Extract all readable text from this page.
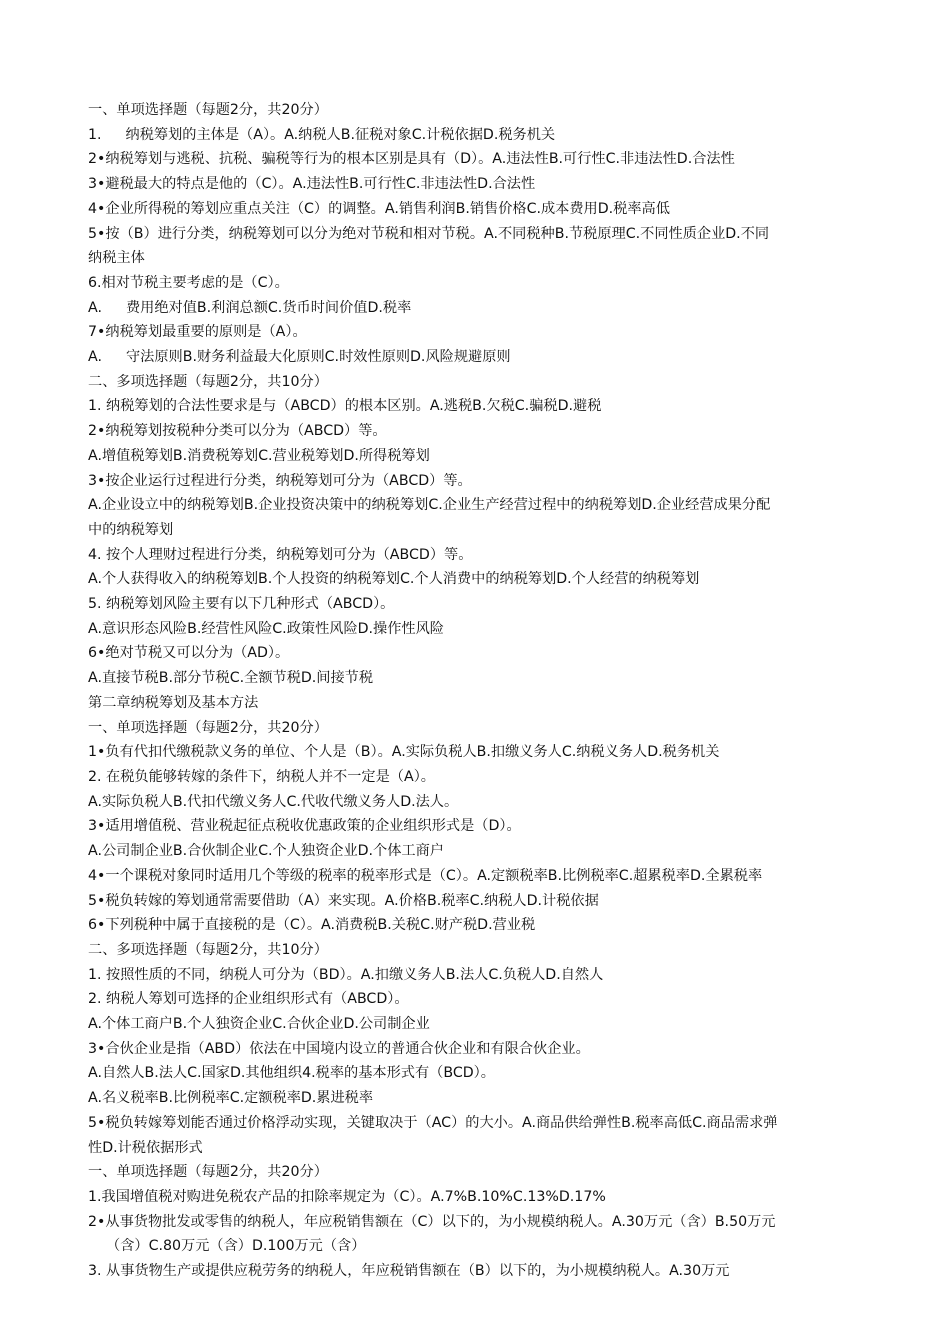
一、单项选择题（每题2分，共20分）

1. 纳税筹划的主体是（A）。A.纳税人B.征税对象C.计税依据D.税务机关

2•纳税筹划与逃税、抗税、骗税等行为的根本区别是具有（D）。A.违法性B.可行性C.非违法性D.合法性

3•避税最大的特点是他的（C）。A.违法性B.可行性C.非违法性D.合法性

4•企业所得税的筹划应重点关注（C）的调整。A.销售利润B.销售价格C.成本费用D.税率高低

5•按（B）进行分类，纳税筹划可以分为绝对节税和相对节税。A.不同税种B.节税原理C.不同性质企业D.不同

纳税主体

6.相对节税主要考虑的是（C）。

A. 费用绝对值B.利润总额C.货币时间价值D.税率

7•纳税筹划最重要的原则是（A）。

A. 守法原则B.财务利益最大化原则C.时效性原则D.风险规避原则

二、多项选择题（每题2分，共10分）

1. 纳税筹划的合法性要求是与（ABCD）的根本区别。A.逃税B.欠税C.骗税D.避税

2•纳税筹划按税种分类可以分为（ABCD）等。

A.增值税筹划B.消费税筹划C.营业税筹划D.所得税筹划

3•按企业运行过程进行分类，纳税筹划可分为（ABCD）等。

A.企业设立中的纳税筹划B.企业投资决策中的纳税筹划C.企业生产经营过程中的纳税筹划D.企业经营成果分配

中的纳税筹划

4. 按个人理财过程进行分类，纳税筹划可分为（ABCD）等。

A.个人获得收入的纳税筹划B.个人投资的纳税筹划C.个人消费中的纳税筹划D.个人经营的纳税筹划

5. 纳税筹划风险主要有以下几种形式（ABCD）。

A.意识形态风险B.经营性风险C.政策性风险D.操作性风险

6•绝对节税又可以分为（AD）。

A.直接节税B.部分节税C.全额节税D.间接节税

第二章纳税筹划及基本方法

一、单项选择题（每题2分，共20分）

1•负有代扣代缴税款义务的单位、个人是（B）。A.实际负税人B.扣缴义务人C.纳税义务人D.税务机关

2. 在税负能够转嫁的条件下，纳税人并不一定是（A）。

A.实际负税人B.代扣代缴义务人C.代收代缴义务人D.法人。

3•适用增值税、营业税起征点税收优惠政策的企业组织形式是（D）。

A.公司制企业B.合伙制企业C.个人独资企业D.个体工商户

4•一个课税对象同时适用几个等级的税率的税率形式是（C）。A.定额税率B.比例税率C.超累税率D.全累税率

5•税负转嫁的筹划通常需要借助（A）来实现。A.价格B.税率C.纳税人D.计税依据

6•下列税种中属于直接税的是（C）。A.消费税B.关税C.财产税D.营业税

二、多项选择题（每题2分，共10分）

1. 按照性质的不同，纳税人可分为（BD）。A.扣缴义务人B.法人C.负税人D.自然人

2. 纳税人筹划可选择的企业组织形式有（ABCD）。

A.个体工商户B.个人独资企业C.合伙企业D.公司制企业

3•合伙企业是指（ABD）依法在中国境内设立的普通合伙企业和有限合伙企业。

A.自然人B.法人C.国家D.其他组织4.税率的基本形式有（BCD）。

A.名义税率B.比例税率C.定额税率D.累进税率

5•税负转嫁筹划能否通过价格浮动实现，关键取决于（AC）的大小。A.商品供给弹性B.税率高低C.商品需求弹

性D.计税依据形式

一、单项选择题（每题2分，共20分）

1.我国增值税对购进免税农产品的扣除率规定为（C）。A.7%B.10%C.13%D.17%

2•从事货物批发或零售的纳税人，年应税销售额在（C）以下的，为小规模纳税人。A.30万元（含）B.50万元

（含）C.80万元（含）D.100万元（含）

3. 从事货物生产或提供应税劳务的纳税人，年应税销售额在（B）以下的，为小规模纳税人。A.30万元
